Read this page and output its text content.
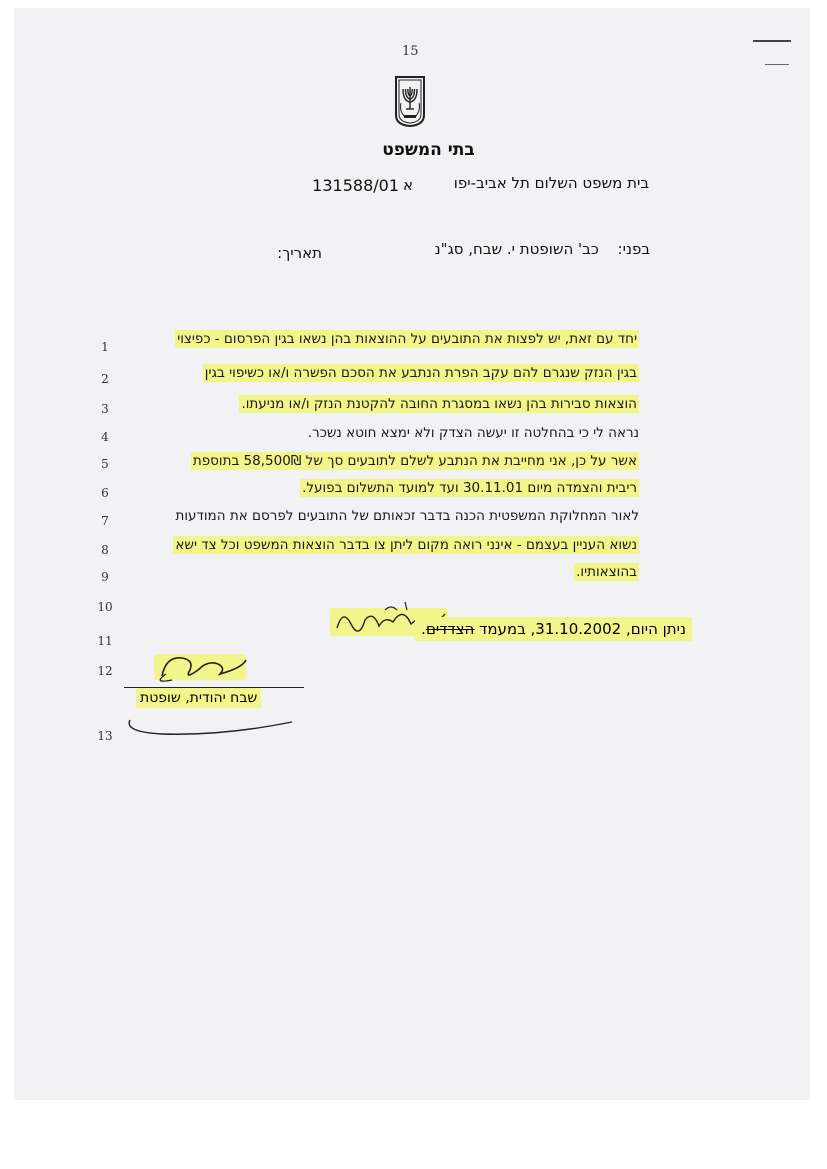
15
בתי המשפט
בית משפט השלום תל אביב-יפו
א
131588/01
בפני: כב' השופטת י. שבח, סג"נ
תאריך:
1
2
3
4
5
6
7
8
9
10
11
12
13
יחד עם זאת, יש לפצות את התובעים על ההוצאות בהן נשאו בגין הפרסום - כפיצוי
בגין הנזק שנגרם להם עקב הפרת הנתבע את הסכם הפשרה ו/או כשיפוי בגין
הוצאות סבירות בהן נשאו במסגרת החובה להקטנת הנזק ו/או מניעתו.
נראה לי כי בהחלטה זו יעשה הצדק ולא ימצא חוטא נשכר.
אשר על כן, אני מחייבת את הנתבע לשלם לתובעים סך של 58,500₪ בתוספת
ריבית והצמדה מיום 30.11.01 ועד למועד התשלום בפועל.
לאור המחלוקת המשפטית הכנה בדבר זכאותם של התובעים לפרסם את המודעות
נשוא העניין בעצמם - אינני רואה מקום ליתן צו בדבר הוצאות המשפט וכל צד ישא
בהוצאותיו.
ניתן היום, 31.10.2002, במעמד הצדדים.
שבח יהודית, שופטת
